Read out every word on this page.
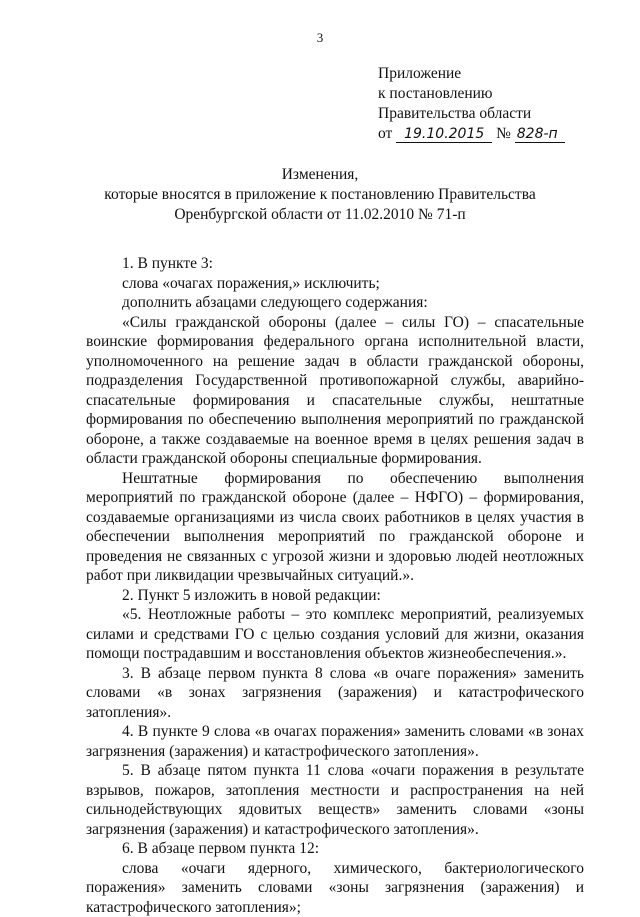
3
Приложение
к постановлению
Правительства области
от 19.10.2015 № 828-п
Изменения,
которые вносятся в приложение к постановлению Правительства
Оренбургской области от 11.02.2010 № 71-п

1. В пункте 3:

слова «очагах поражения,» исключить;

дополнить абзацами следующего содержания:

«Силы гражданской обороны (далее – силы ГО) – спасательные воинские формирования федерального органа исполнительной власти, уполномоченного на решение задач в области гражданской обороны, подразделения Государственной противопожарной службы, аварийно-спасательные формирования и спасательные службы, нештатные формирования по обеспечению выполнения мероприятий по гражданской обороне, а также создаваемые на военное время в целях решения задач в области гражданской обороны специальные формирования.

Нештатные формирования по обеспечению выполнения мероприятий по гражданской обороне (далее – НФГО) – формирования, создаваемые организациями из числа своих работников в целях участия в обеспечении выполнения мероприятий по гражданской обороне и проведения не связанных с угрозой жизни и здоровью людей неотложных работ при ликвидации чрезвычайных ситуаций.».

2. Пункт 5 изложить в новой редакции:

«5. Неотложные работы – это комплекс мероприятий, реализуемых силами и средствами ГО с целью создания условий для жизни, оказания помощи пострадавшим и восстановления объектов жизнеобеспечения.».

3. В абзаце первом пункта 8 слова «в очаге поражения» заменить словами «в зонах загрязнения (заражения) и катастрофического затопления».

4. В пункте 9 слова «в очагах поражения» заменить словами «в зонах загрязнения (заражения) и катастрофического затопления».

5. В абзаце пятом пункта 11 слова «очаги поражения в результате взрывов, пожаров, затопления местности и распространения на ней сильнодействующих ядовитых веществ» заменить словами «зоны загрязнения (заражения) и катастрофического затопления».

6. В абзаце первом пункта 12:

слова «очаги ядерного, химического, бактериологического поражения» заменить словами «зоны загрязнения (заражения) и катастрофического затопления»;
